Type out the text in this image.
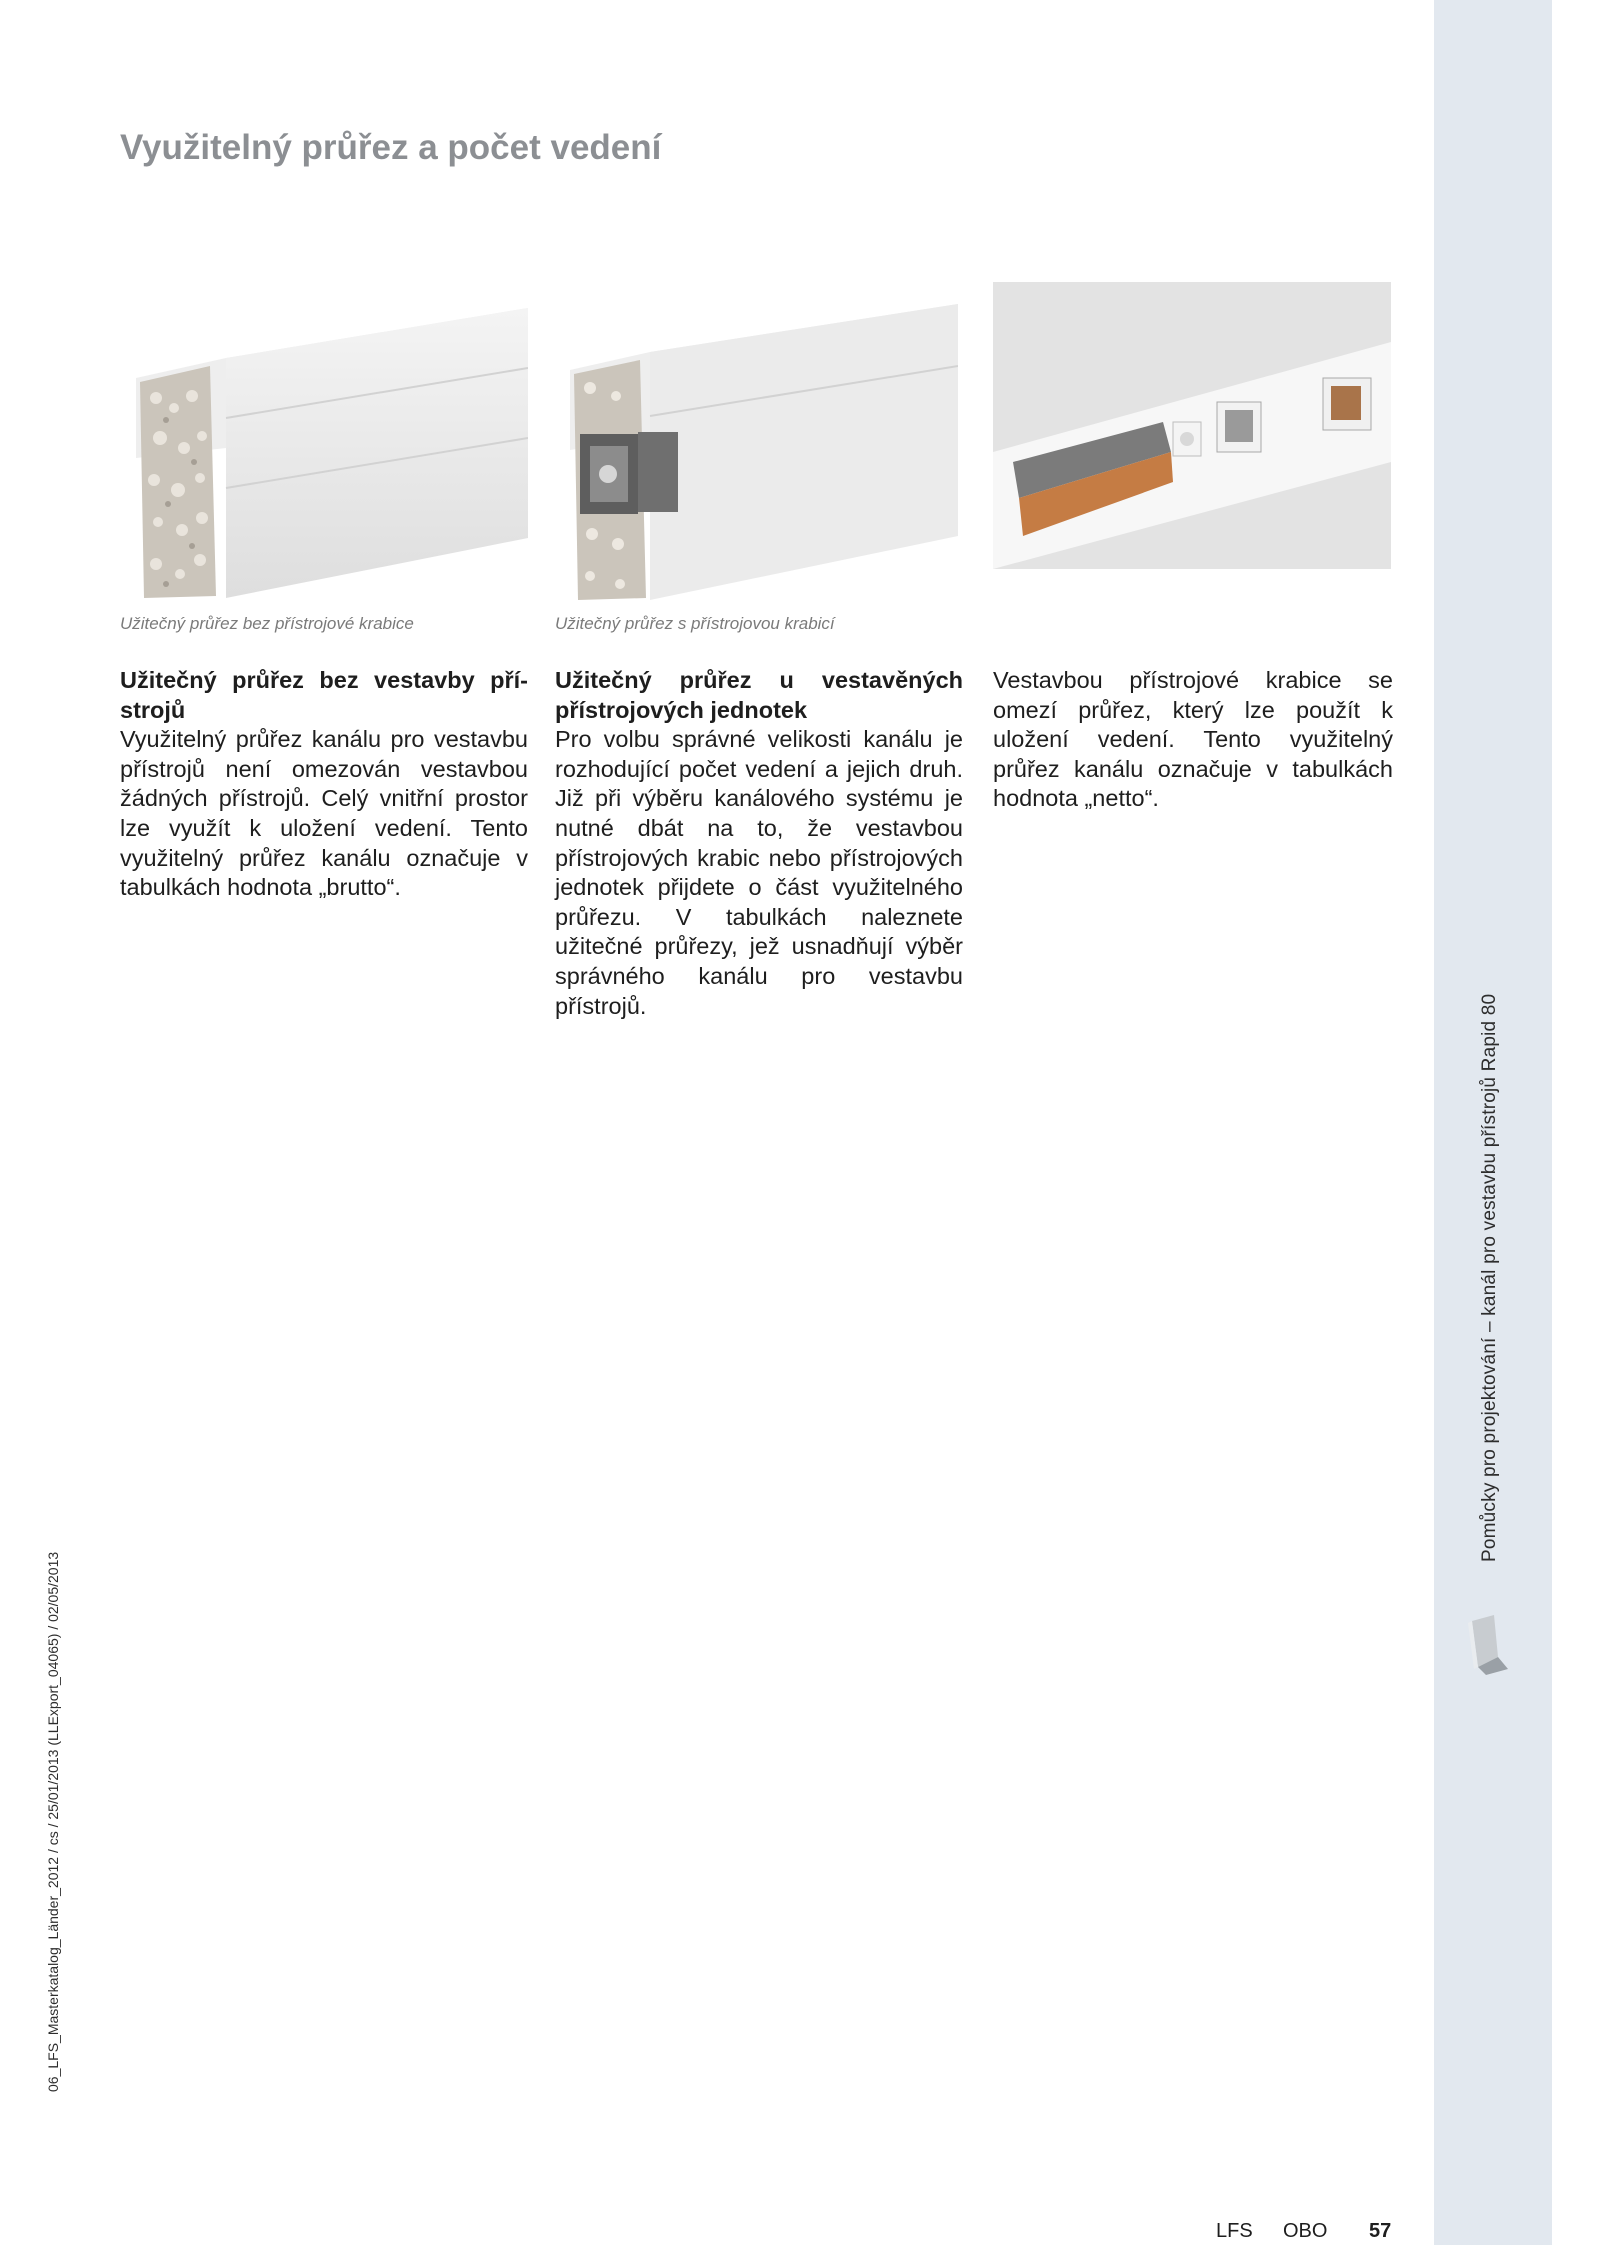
Pomůcky pro projektování – kanál pro vestavbu přístrojů Rapid 80
06_LFS_Masterkatalog_Länder_2012 / cs / 25/01/2013 (LLExport_04065) / 02/05/2013
Využitelný průřez a počet vedení
Užitečný průřez bez přístrojové krabice	Užitečný průřez s přístrojovou krabicí
Užitečný průřez bez vestavby přístrojů
Využitelný průřez kanálu pro vestavbu přístrojů není omezován vestavbou žádných přístrojů. Celý vnitřní prostor lze využít k uložení vedení. Tento využitelný průřez kanálu označuje v tabulkách hodnota „brutto“.
Užitečný průřez u vestavěných přístrojových jednotek
Pro volbu správné velikosti kanálu je rozhodující počet vedení a jejich druh. Již při výběru kanálového systému je nutné dbát na to, že vestavbou přístrojových krabic nebo přístrojových jednotek přijdete o část využitelného průřezu. V tabulkách naleznete užitečné průřezy, jež usnadňují výběr správného kanálu pro vestavbu přístrojů.
Vestavbou přístrojové krabice se omezí průřez, který lze použít k uložení vedení. Tento využitelný průřez kanálu označuje v tabulkách hodnota „netto“.
LFS OBO 57
